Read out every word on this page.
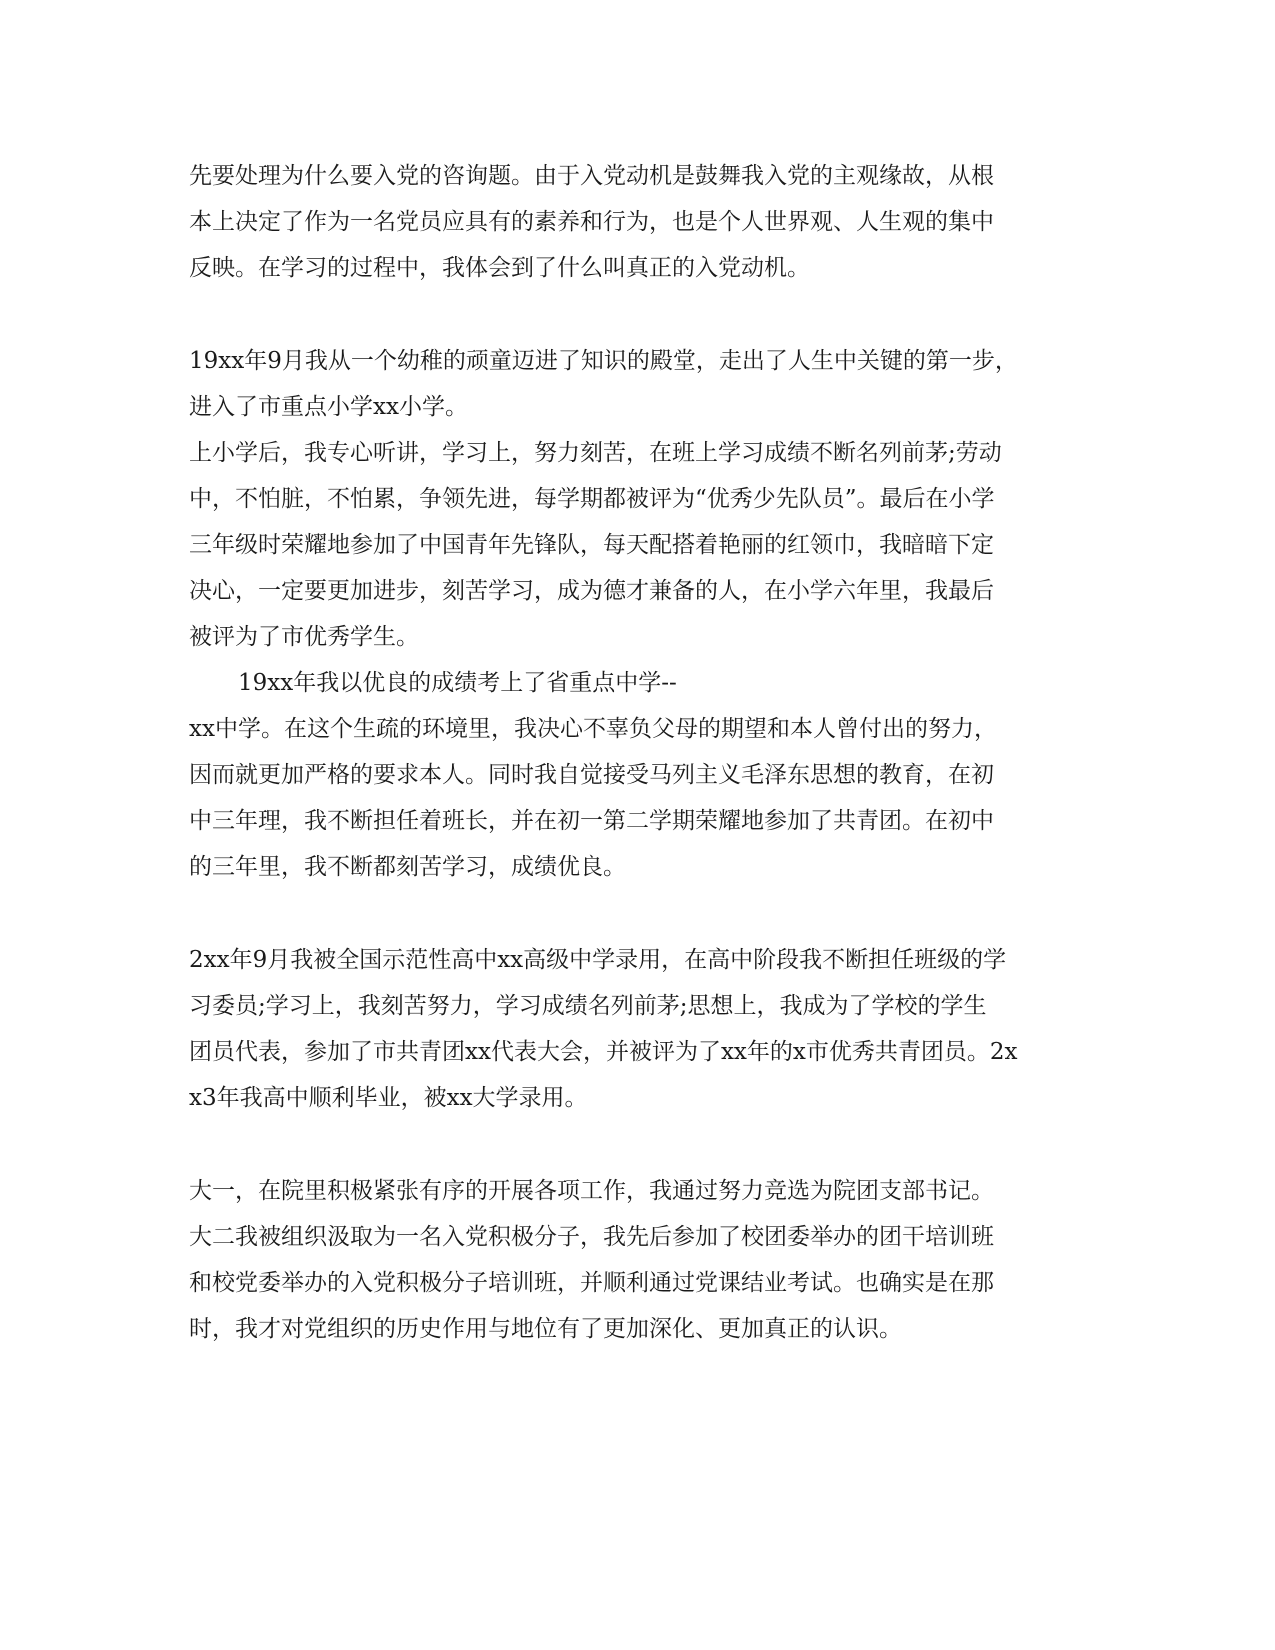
先要处理为什么要入党的咨询题。由于入党动机是鼓舞我入党的主观缘故，从根
本上决定了作为一名党员应具有的素养和行为，也是个人世界观、人生观的集中
反映。在学习的过程中，我体会到了什么叫真正的入党动机。
19xx年9月我从一个幼稚的顽童迈进了知识的殿堂，走出了人生中关键的第一步，
进入了市重点小学xx小学。
上小学后，我专心听讲，学习上，努力刻苦，在班上学习成绩不断名列前茅;劳动
中，不怕脏，不怕累，争领先进，每学期都被评为“优秀少先队员”。最后在小学
三年级时荣耀地参加了中国青年先锋队，每天配搭着艳丽的红领巾，我暗暗下定
决心，一定要更加进步，刻苦学习，成为德才兼备的人，在小学六年里，我最后
被评为了市优秀学生。
19xx年我以优良的成绩考上了省重点中学--
xx中学。在这个生疏的环境里，我决心不辜负父母的期望和本人曾付出的努力，
因而就更加严格的要求本人。同时我自觉接受马列主义毛泽东思想的教育，在初
中三年理，我不断担任着班长，并在初一第二学期荣耀地参加了共青团。在初中
的三年里，我不断都刻苦学习，成绩优良。
2xx年9月我被全国示范性高中xx高级中学录用，在高中阶段我不断担任班级的学
习委员;学习上，我刻苦努力，学习成绩名列前茅;思想上，我成为了学校的学生
团员代表，参加了市共青团xx代表大会，并被评为了xx年的x市优秀共青团员。2x
x3年我高中顺利毕业，被xx大学录用。
大一，在院里积极紧张有序的开展各项工作，我通过努力竞选为院团支部书记。
大二我被组织汲取为一名入党积极分子，我先后参加了校团委举办的团干培训班
和校党委举办的入党积极分子培训班，并顺利通过党课结业考试。也确实是在那
时，我才对党组织的历史作用与地位有了更加深化、更加真正的认识。
